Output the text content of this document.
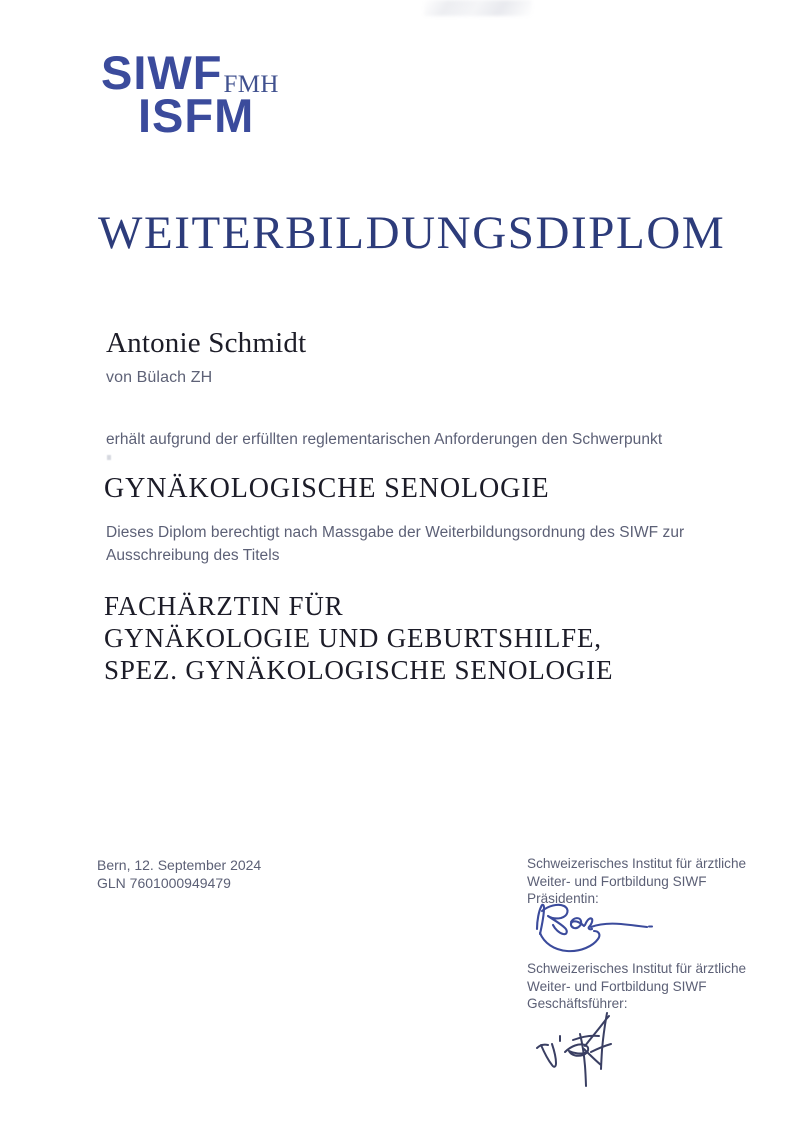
SIWFFMH
ISFM
WEITERBILDUNGSDIPLOM
Antonie Schmidt
von Bülach ZH
erhält aufgrund der erfüllten reglementarischen Anforderungen den Schwerpunkt
GYNÄKOLOGISCHE SENOLOGIE
Dieses Diplom berechtigt nach Massgabe der Weiterbildungsordnung des SIWF zur Ausschreibung des Titels
FACHÄRZTIN FÜR
GYNÄKOLOGIE UND GEBURTSHILFE,
SPEZ. GYNÄKOLOGISCHE SENOLOGIE
Bern, 12. September 2024
GLN 7601000949479
Schweizerisches Institut für ärztliche
Weiter- und Fortbildung SIWF
Präsidentin:
Schweizerisches Institut für ärztliche
Weiter- und Fortbildung SIWF
Geschäftsführer:
